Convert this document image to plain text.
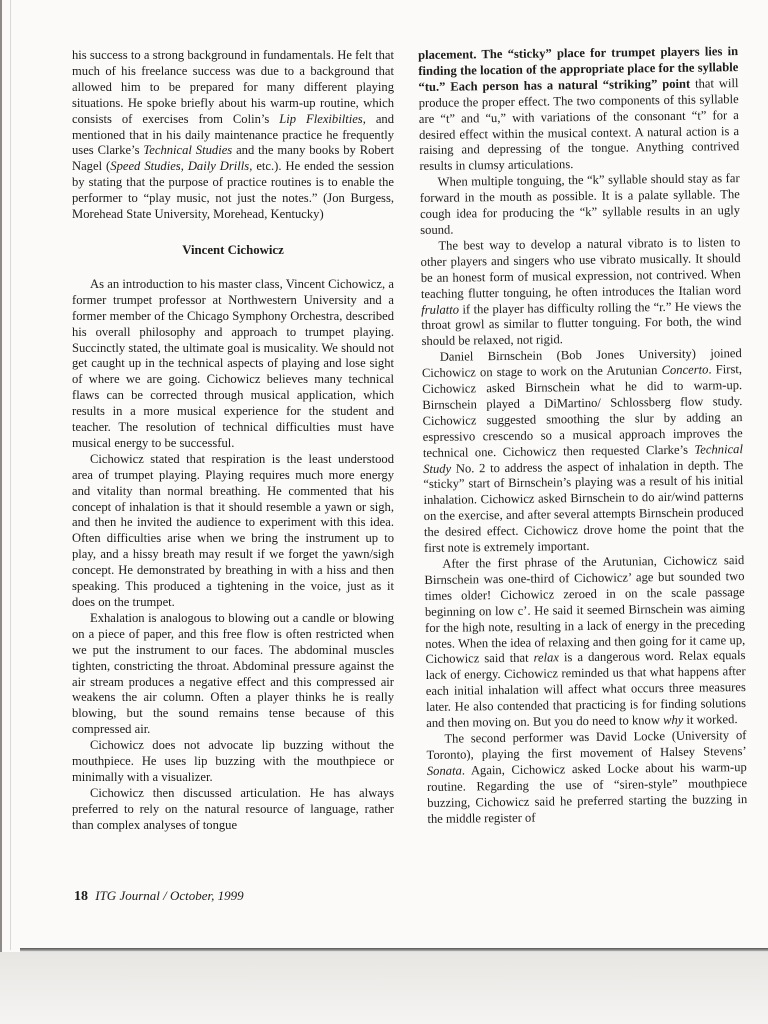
his success to a strong background in fundamentals. He felt that much of his freelance success was due to a background that allowed him to be prepared for many different playing situations. He spoke briefly about his warm-up routine, which consists of exercises from Colin’s Lip Flexibilties, and mentioned that in his daily maintenance practice he frequently uses Clarke’s Technical Studies and the many books by Robert Nagel (Speed Studies, Daily Drills, etc.). He ended the session by stating that the purpose of practice routines is to enable the performer to “play music, not just the notes.” (Jon Burgess, Morehead State University, Morehead, Kentucky)

Vincent Cichowicz

As an introduction to his master class, Vincent Cichowicz, a former trumpet professor at Northwestern University and a former member of the Chicago Symphony Orchestra, described his overall philosophy and approach to trumpet playing. Succinctly stated, the ultimate goal is musicality. We should not get caught up in the technical aspects of playing and lose sight of where we are going. Cichowicz believes many technical flaws can be corrected through musical application, which results in a more musical experience for the student and teacher. The resolution of technical difficulties must have musical energy to be successful.

Cichowicz stated that respiration is the least understood area of trumpet playing. Playing requires much more energy and vitality than normal breathing. He commented that his concept of inhalation is that it should resemble a yawn or sigh, and then he invited the audience to experiment with this idea. Often difficulties arise when we bring the instrument up to play, and a hissy breath may result if we forget the yawn/sigh concept. He demonstrated by breathing in with a hiss and then speaking. This produced a tightening in the voice, just as it does on the trumpet.

Exhalation is analogous to blowing out a candle or blowing on a piece of paper, and this free flow is often restricted when we put the instrument to our faces. The abdominal muscles tighten, constricting the throat. Abdominal pressure against the air stream produces a negative effect and this compressed air weakens the air column. Often a player thinks he is really blowing, but the sound remains tense because of this compressed air.

Cichowicz does not advocate lip buzzing without the mouthpiece. He uses lip buzzing with the mouthpiece or minimally with a visualizer.

Cichowicz then discussed articulation. He has always preferred to rely on the natural resource of language, rather than complex analyses of tongue

placement. The “sticky” place for trumpet players lies in finding the location of the appropriate place for the syllable “tu.” Each person has a natural “striking” point that will produce the proper effect. The two components of this syllable are “t” and “u,” with variations of the consonant “t” for a desired effect within the musical context. A natural action is a raising and depressing of the tongue. Anything contrived results in clumsy articulations.

When multiple tonguing, the “k” syllable should stay as far forward in the mouth as possible. It is a palate syllable. The cough idea for producing the “k” syllable results in an ugly sound.

The best way to develop a natural vibrato is to listen to other players and singers who use vibrato musically. It should be an honest form of musical expression, not contrived. When teaching flutter tonguing, he often introduces the Italian word frulatto if the player has difficulty rolling the “r.” He views the throat growl as similar to flutter tonguing. For both, the wind should be relaxed, not rigid.

Daniel Birnschein (Bob Jones University) joined Cichowicz on stage to work on the Arutunian Concerto. First, Cichowicz asked Birnschein what he did to warm-up. Birnschein played a DiMartino/ Schlossberg flow study. Cichowicz suggested smoothing the slur by adding an espressivo crescendo so a musical approach improves the technical one. Cichowicz then requested Clarke’s Technical Study No. 2 to address the aspect of inhalation in depth. The “sticky” start of Birnschein’s playing was a result of his initial inhalation. Cichowicz asked Birnschein to do air/wind patterns on the exercise, and after several attempts Birnschein produced the desired effect. Cichowicz drove home the point that the first note is extremely important.

After the first phrase of the Arutunian, Cichowicz said Birnschein was one-third of Cichowicz’ age but sounded two times older! Cichowicz zeroed in on the scale passage beginning on low c’. He said it seemed Birnschein was aiming for the high note, resulting in a lack of energy in the preceding notes. When the idea of relaxing and then going for it came up, Cichowicz said that relax is a dangerous word. Relax equals lack of energy. Cichowicz reminded us that what happens after each initial inhalation will affect what occurs three measures later. He also contended that practicing is for finding solutions and then moving on. But you do need to know why it worked.

The second performer was David Locke (University of Toronto), playing the first movement of Halsey Stevens’ Sonata. Again, Cichowicz asked Locke about his warm-up routine. Regarding the use of “siren-style” mouthpiece buzzing, Cichowicz said he preferred starting the buzzing in the middle register of

18 ITG Journal / October, 1999
